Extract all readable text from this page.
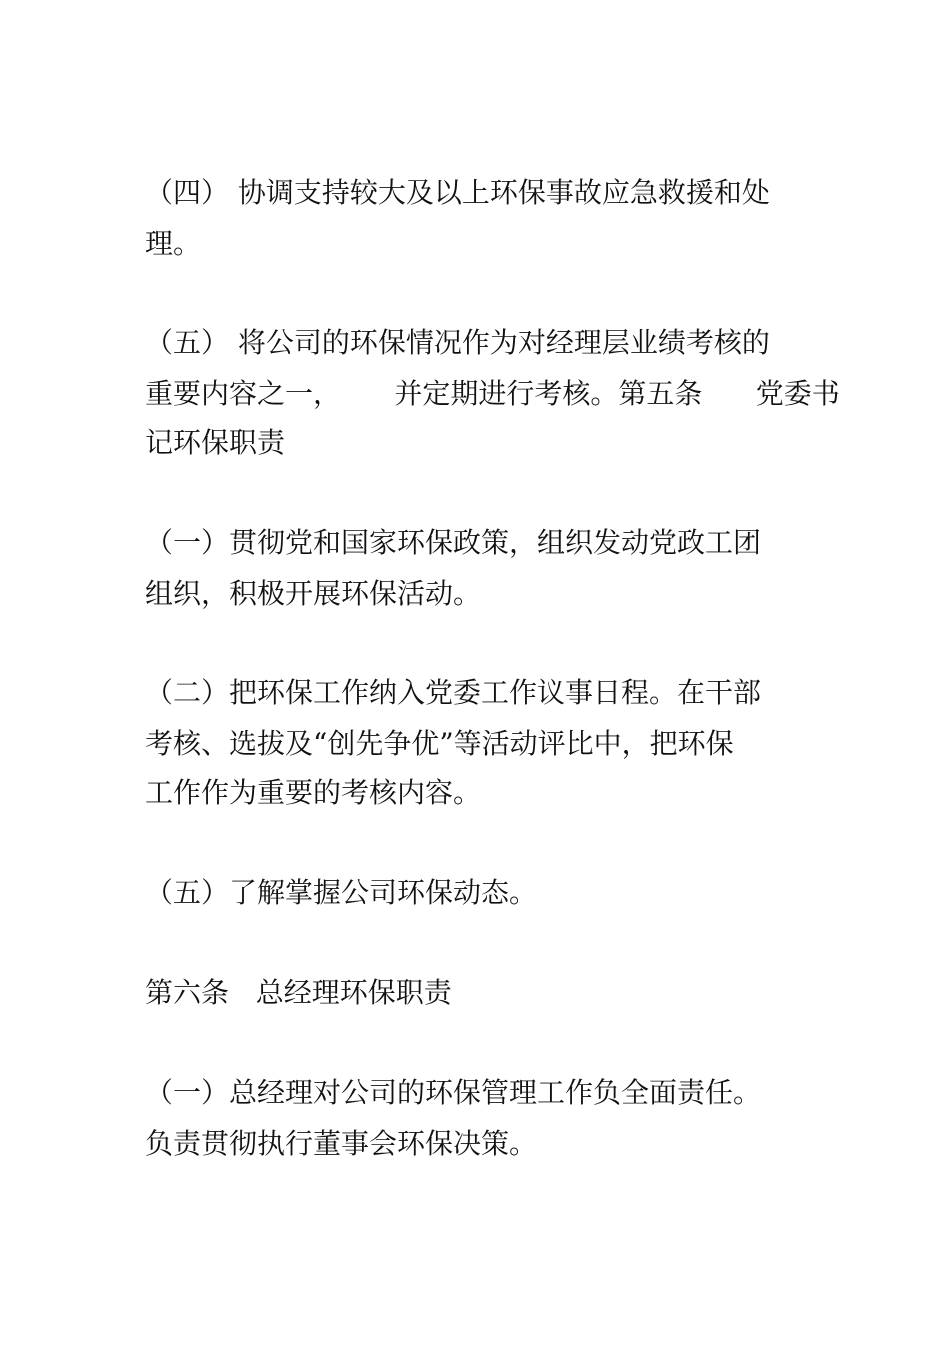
（四） 协调支持较大及以上环保事故应急救援和处
理。
（五） 将公司的环保情况作为对经理层业绩考核的
重要内容之一，      并定期进行考核。第五条      党委书
记环保职责
（一）贯彻党和国家环保政策，组织发动党政工团
组织，积极开展环保活动。
（二）把环保工作纳入党委工作议事日程。在干部
考核、选拔及“创先争优”等活动评比中，把环保
工作作为重要的考核内容。
（五）了解掌握公司环保动态。
第六条   总经理环保职责
（一）总经理对公司的环保管理工作负全面责任。
负责贯彻执行董事会环保决策。
